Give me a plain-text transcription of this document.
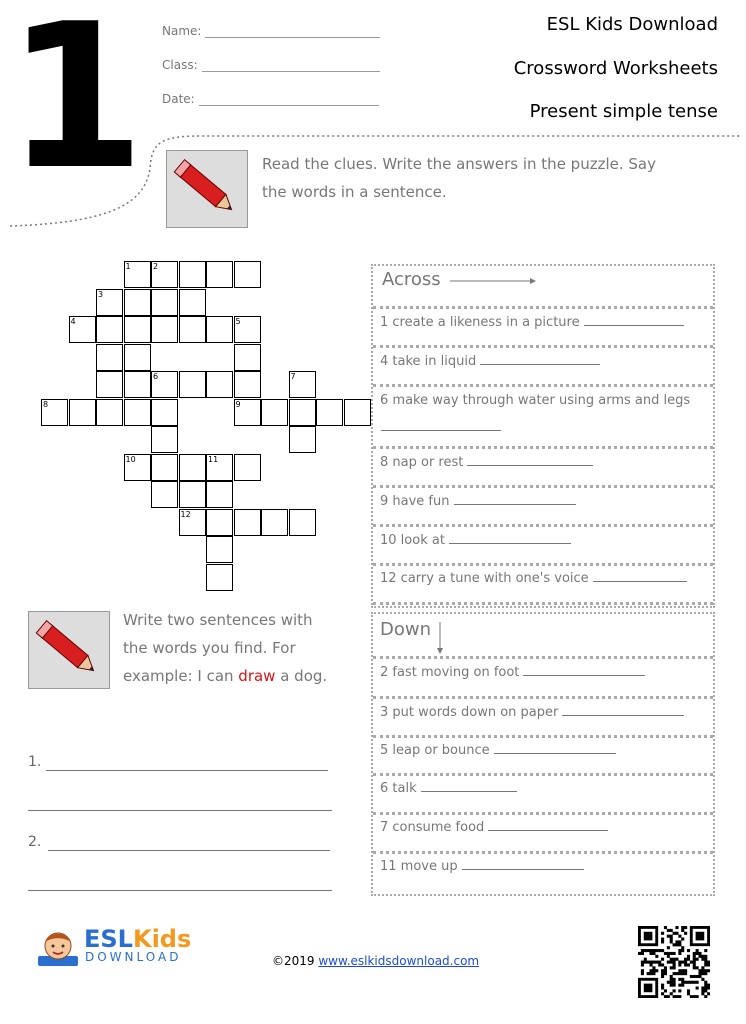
1 Name:
Class:
Date:
ESL Kids Download
Crossword Worksheets
Present simple tense
Read the clues. Write the answers in the puzzle. Say
the words in a sentence.
1	2
3
4	5
6	7
8	9
10	11
12
Across
Down
1 create a likeness in a picture
4 take in liquid
6 make way through water using arms and legs
8 nap or rest
9 have fun
10 look at
12 carry a tune with one's voice
2 fast moving on foot
3 put words down on paper
5 leap or bounce
6 talk
7 consume food
11 move up
Write two sentences with
the words you find. For
example: I can draw a dog.
1.
2.
ESLKids
DOWNLOAD	©2019 www.eslkidsdownload.com
